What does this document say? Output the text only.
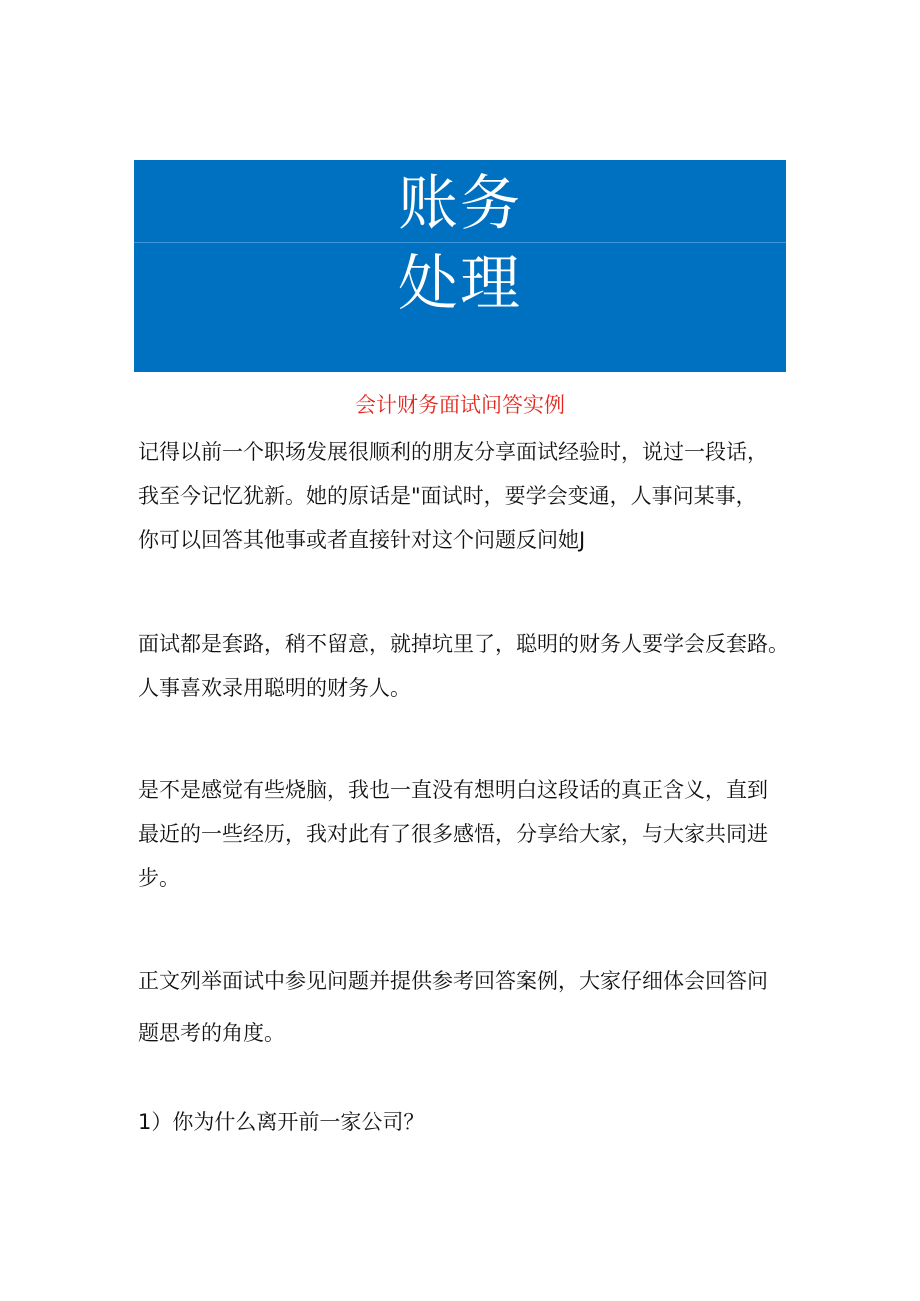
账务
处理
会计财务面试问答实例

记得以前一个职场发展很顺利的朋友分享面试经验时，说过一段话，
我至今记忆犹新。她的原话是"面试时，要学会变通，人事问某事，
你可以回答其他事或者直接针对这个问题反问她J

面试都是套路，稍不留意，就掉坑里了，聪明的财务人要学会反套路。
人事喜欢录用聪明的财务人。

是不是感觉有些烧脑，我也一直没有想明白这段话的真正含义，直到
最近的一些经历，我对此有了很多感悟，分享给大家，与大家共同进
步。

正文列举面试中参见问题并提供参考回答案例，大家仔细体会回答问
题思考的角度。

1）你为什么离开前一家公司？
